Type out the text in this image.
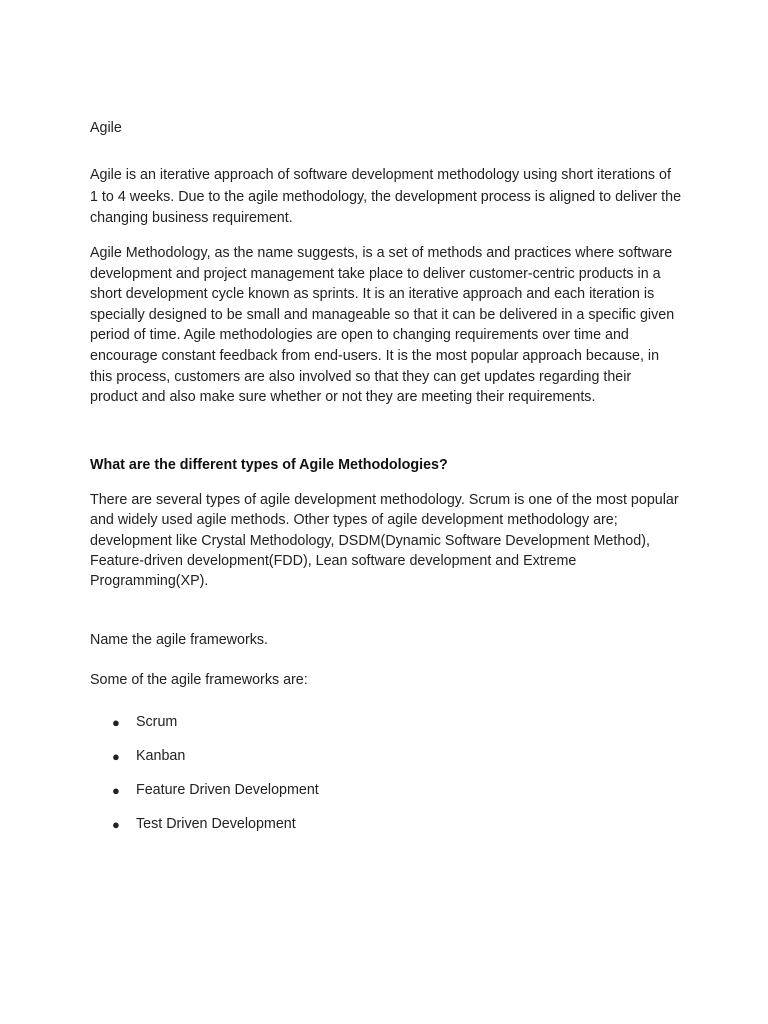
Agile

Agile is an iterative approach of software development methodology using short iterations of 1 to 4 weeks. Due to the agile methodology, the development process is aligned to deliver the changing business requirement.

Agile Methodology, as the name suggests, is a set of methods and practices where software development and project management take place to deliver customer-centric products in a short development cycle known as sprints. It is an iterative approach and each iteration is specially designed to be small and manageable so that it can be delivered in a specific given period of time. Agile methodologies are open to changing requirements over time and encourage constant feedback from end-users. It is the most popular approach because, in this process, customers are also involved so that they can get updates regarding their product and also make sure whether or not they are meeting their requirements.

What are the different types of Agile Methodologies?

There are several types of agile development methodology. Scrum is one of the most popular and widely used agile methods. Other types of agile development methodology are; development like Crystal Methodology, DSDM(Dynamic Software Development Method), Feature-driven development(FDD), Lean software development and Extreme Programming(XP).

Name the agile frameworks.

Some of the agile frameworks are:

●	Scrum
●	Kanban
●	Feature Driven Development
●	Test Driven Development
